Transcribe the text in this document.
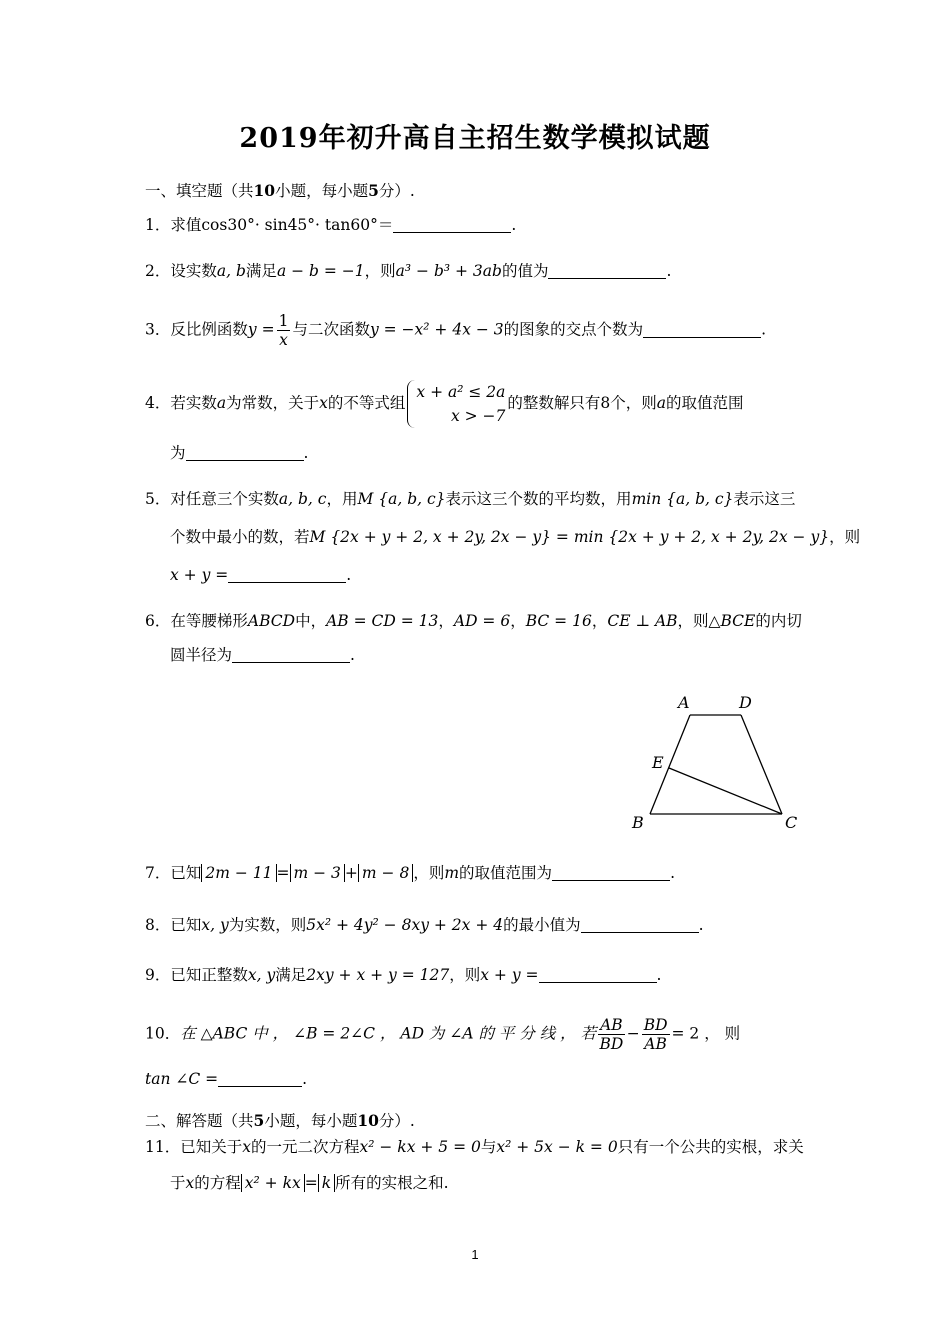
2019年初升高自主招生数学模拟试题
一、填空题（共10小题，每小题5分）.
1．求值cos30°· sin45°· tan60°＝	.
2．设实数a, b满足a − b = −1，则a³ − b³ + 3ab的值为	.
3．反比例函数$y = \frac{1}{x}$ 与二次函数y = −x² + 4x − 3的图象的交点个数为	.
4．若实数a为常数，关于x的不等式组
x + a² ≤ 2a
x > −7
的整数解只有8个，则a的取值范围
为	.
5．对任意三个实数a, b, c，用M {a, b, c}表示这三个数的平均数，用min {a, b, c}表示这三
个数中最小的数，若M {2x + y + 2, x + 2y, 2x − y} = min {2x + y + 2, x + 2y, 2x − y}，则
x + y =	.
6．在等腰梯形ABCD中，AB = CD = 13，AD = 6，BC = 16，CE ⊥ AB，则△BCE的内切
圆半径为	.
A	D
E
B	C
7．已知 2m − 11 = m − 3 + m − 8 ，则m的取值范围为	.
8．已知x, y为实数，则5x² + 4y² − 8xy + 2x + 4的最小值为	.
9．已知正整数x, y满足2xy + x + y = 127，则x + y =	.
10．在 △ABC 中 ， ∠B = 2∠C ， AD 为 ∠A 的 平 分 线 ， 若 $\frac{AB}{BD} - \frac{BD}{AB} = 2$ ， 则
tan ∠C =	.
二、解答题（共5小题，每小题10分）.
11．已知关于x的一元二次方程x² − kx + 5 = 0与x² + 5x − k = 0只有一个公共的实根，求关
于x的方程 x² + kx = k 所有的实根之和.
1
